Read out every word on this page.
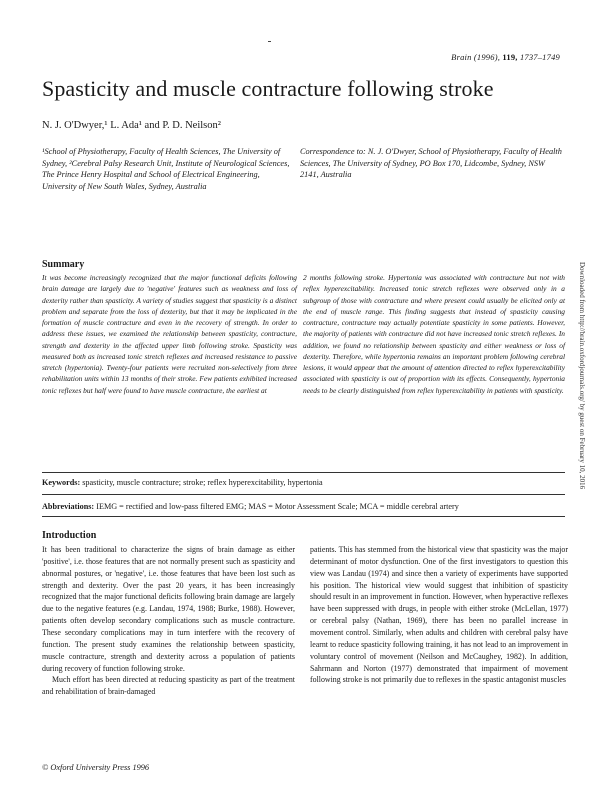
Brain (1996), 119, 1737–1749
Spasticity and muscle contracture following stroke
N. J. O'Dwyer,¹ L. Ada¹ and P. D. Neilson²
¹School of Physiotherapy, Faculty of Health Sciences, The University of Sydney, ²Cerebral Palsy Research Unit, Institute of Neurological Sciences, The Prince Henry Hospital and School of Electrical Engineering, University of New South Wales, Sydney, Australia
Correspondence to: N. J. O'Dwyer, School of Physiotherapy, Faculty of Health Sciences, The University of Sydney, PO Box 170, Lidcombe, Sydney, NSW 2141, Australia
Summary
It was become increasingly recognized that the major functional deficits following brain damage are largely due to 'negative' features such as weakness and loss of dexterity rather than spasticity. A variety of studies suggest that spasticity is a distinct problem and separate from the loss of dexterity, but that it may be implicated in the formation of muscle contracture and even in the recovery of strength. In order to address these issues, we examined the relationship between spasticity, contracture, strength and dexterity in the affected upper limb following stroke. Spasticity was measured both as increased tonic stretch reflexes and increased resistance to passive stretch (hypertonia). Twenty-four patients were recruited non-selectively from three rehabilitation units within 13 months of their stroke. Few patients exhibited increased tonic reflexes but half were found to have muscle contracture, the earliest at
2 months following stroke. Hypertonia was associated with contracture but not with reflex hyperexcitability. Increased tonic stretch reflexes were observed only in a subgroup of those with contracture and where present could usually be elicited only at the end of muscle range. This finding suggests that instead of spasticity causing contracture, contracture may actually potentiate spasticity in some patients. However, the majority of patients with contracture did not have increased tonic stretch reflexes. In addition, we found no relationship between spasticity and either weakness or loss of dexterity. Therefore, while hypertonia remains an important problem following cerebral lesions, it would appear that the amount of attention directed to reflex hyperexcitability associated with spasticity is out of proportion with its effects. Consequently, hypertonia needs to be clearly distinguished from reflex hyperexcitability in patients with spasticity.
Keywords: spasticity, muscle contracture; stroke; reflex hyperexcitability, hypertonia
Abbreviations: IEMG = rectified and low-pass filtered EMG; MAS = Motor Assessment Scale; MCA = middle cerebral artery
Introduction

It has been traditional to characterize the signs of brain damage as either 'positive', i.e. those features that are not normally present such as spasticity and abnormal postures, or 'negative', i.e. those features that have been lost such as strength and dexterity. Over the past 20 years, it has been increasingly recognized that the major functional deficits following brain damage are largely due to the negative features (e.g. Landau, 1974, 1988; Burke, 1988). However, patients often develop secondary complications such as muscle contracture. These secondary complications may in turn interfere with the recovery of function. The present study examines the relationship between spasticity, muscle contracture, strength and dexterity across a population of patients during recovery of function following stroke.

Much effort has been directed at reducing spasticity as part of the treatment and rehabilitation of brain-damaged

patients. This has stemmed from the historical view that spasticity was the major determinant of motor dysfunction. One of the first investigators to question this view was Landau (1974) and since then a variety of experiments have supported his position. The historical view would suggest that inhibition of spasticity should result in an improvement in function. However, when hyperactive reflexes have been suppressed with drugs, in people with either stroke (McLellan, 1977) or cerebral palsy (Nathan, 1969), there has been no parallel increase in movement control. Similarly, when adults and children with cerebral palsy have learnt to reduce spasticity following training, it has not lead to an improvement in voluntary control of movement (Neilson and McCaughey, 1982). In addition, Sahrmann and Norton (1977) demonstrated that impairment of movement following stroke is not primarily due to reflexes in the spastic antagonist muscles

© Oxford University Press 1996
Downloaded from http://brain.oxfordjournals.org/ by guest on February 10, 2016
